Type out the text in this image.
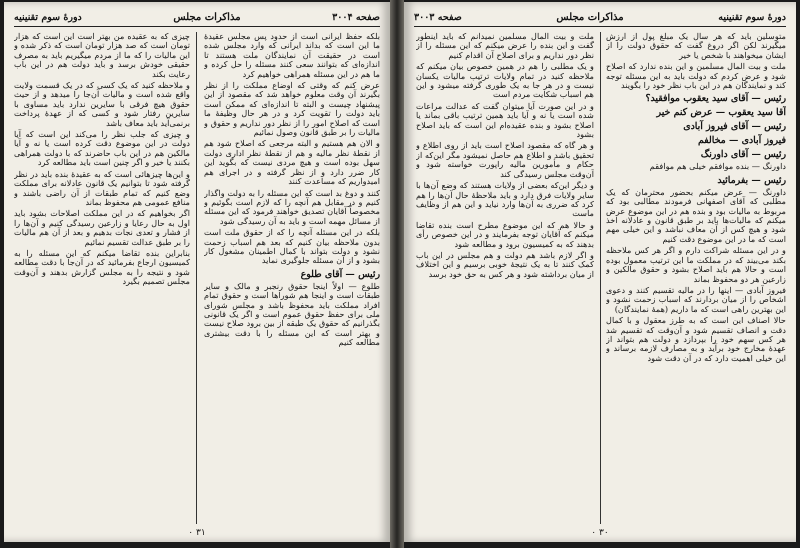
صفحه ۳۰۰۴
مذاکرات مجلس
دورهٔ سوم تقنینیه

بلکه حفظ ایرانی است از حدود پس مجلس عقیدهٔ ما این است که بداند ایرانی که وارد مجلس شده است در حقیقت آن نمایندگان ملت هستند تا اندازه‌ای که بتوانند سعی کنند مسئله را حل کرده و ما هم در این مسئله همراهی خواهیم کرد

عرض کنم که وقتی که اوضاع مملکت را از نظر بگیرند آن وقت معلوم خواهد شد که مقصود از این پیشنهاد چیست و البته تا اندازه‌ای که ممکن است باید دولت را تقویت کرد و در هر حال وظیفهٔ ما است که اصلاح امور را از نظر دور نداریم و حقوق و مالیات را بر طبق قانون وصول نمائیم

و الان هم هستیم و البته مرجعی که اصلاح شود هم از نقطهٔ نظر مالیه و هم از نقطهٔ نظر اداری دولت سهل بوده است و هیچ مردی نیست که بگوید این کار ضرر دارد و از نظر گرفته و در اجرای هم امیدواریم که مساعدت کنند

کنند و دوغ بد است که این مسئله را به دولت واگذار کنیم و در مقابل هم آنچه را که لازم است بگوئیم و مخصوصاً آقایان تصدیق خواهند فرمود که این مسئله از مسائل مهمه است و باید به آن رسیدگی شود

بلکه در این مسئله آنچه را که از حقوق ملت است بدون ملاحظه بیان کنیم که بعد هم اسباب زحمت نشود و دولت بتواند با کمال اطمینان مشغول کار بشود و از آن مسئله جلوگیری نماید

رئیس — آقای طلوع

طلوع — اولاً اینجا حقوق رنجبر و مالک و سایر طبقات است و اینجا هم شوراها است و حقوق تمام افراد مملکت باید محفوظ باشد و مجلس شورای ملی برای حفظ حقوق عموم است و اگر یک قانونی بگذرانیم که حقوق یک طبقه از بین برود صلاح نیست و بهتر است که این مسئله را با دقت بیشتری مطالعه کنیم

چیزی که به عقیده من بهتر است این است که هزار تومان است که صد هزار تومان است که ذکر شده و این مالیات را که ما از مردم میگیریم باید به مصرف حقیقی خودش برسد و باید دولت هم در این باب رعایت بکند

و ملاحظه کنید که یک کسی که در یک قسمت ولایت واقع شده است و مالیات آن‌جا را میدهد و از حیث حقوق هیچ فرقی با سایرین ندارد باید مساوی با سایرین رفتار شود و کسی که از عهدهٔ پرداخت برنمی‌آید باید معاف باشد

و چیزی که جلب نظر را می‌کند این است که آیا دولت در این موضوع دقت کرده است یا نه و آیا مالکین هم در این باب حاضرند که با دولت همراهی بکنند یا خیر و اگر چنین است باید مطالعه کرد

و این‌ها چیزهائی است که به عقیدهٔ بنده باید در نظر گرفته شود تا بتوانیم یک قانون عادلانه برای مملکت وضع کنیم که تمام طبقات از آن راضی باشند و منافع عمومی هم محفوظ بماند

اگر بخواهیم که در این مملکت اصلاحات بشود باید اول به حال رعایا و زارعین رسیدگی کنیم و آن‌ها را از فشار و تعدی نجات بدهیم و بعد از آن هم مالیات را بر طبق عدالت تقسیم نمائیم

بنابراین بنده تقاضا میکنم که این مسئله را به کمیسیون ارجاع بفرمائید که در آن‌جا با دقت مطالعه شود و نتیجه را به مجلس گزارش بدهند و آن‌وقت مجلس تصمیم بگیرد

۳۱ ۰
دورهٔ سوم تقنینیه
مذاکرات مجلس
صفحه ۳۰۰۳

متوسلین باید که هر سال یک مبلغ پول از ارزش میگیرند لکن اگر دروغ گفت که حقوق دولت را از ایشان میخواهند با شخص یا خیر

ملت و بیت المال مسلمین و این بنده ندارد که اصلاح شود و عرض کردم که دولت باید به این مسئله توجه کند و نمایندگان هم در این باب نظر خود را بگویند

رئیس — آقای سید یعقوب موافقید؟
آقا سید یعقوب — عرض کنم خیر
رئیس — آقای فیروز آبادی
فیروز آبادی — مخالفم
رئیس — آقای داورنگ

داورنگ — بنده موافقم خیلی هم موافقم

رئیس — بفرمائید

داورنگ — عرض میکنم بحضور محترمان که یک مطلبی که آقای اصفهانی فرمودند مطالبی بود که مربوط به مالیات بود و بنده هم در این موضوع عرض میکنم که مالیات‌ها باید بر طبق قانون و عادلانه اخذ شود و هیچ کس از آن معاف نباشد و این خیلی مهم است که ما در این موضوع دقت کنیم

و در این مسئله شراکت دارم و اگر هر کس ملاحظه بکند می‌بیند که در مملکت ما این ترتیب معمول بوده است و حالا هم باید اصلاح بشود و حقوق مالکین و زارعین هر دو محفوظ بماند

فیروز آبادی — اینها را در مالیه تقسیم کنند و دعوی اشخاص را از میان بردارند که اسباب زحمت نشود و این بهترین راهی است که ما داریم (همهٔ نمایندگان)

حالا اصناف این است که به طرز معقول و با کمال دقت و انصاف تقسیم شود و آن‌وقت که تقسیم شد هر کس سهم خود را بپردازد و دولت هم بتواند از عهدهٔ مخارج خود برآید و به مصارف لازمه برساند و این خیلی اهمیت دارد که در آن دقت شود

ملت و بیت المال مسلمین نمیدانم که باید اینطور گفت و این بنده را عرض میکنم که این مسئله را از نظر دور نداریم و برای اصلاح آن اقدام کنیم

و یک مطلبی را هم در همین خصوص بیان میکنم که ملاحظه کنید در تمام ولایات ترتیب مالیات یکسان نیست و در هر جا به یک طوری گرفته میشود و این هم اسباب شکایت مردم است

و در این صورت آیا میتوان گفت که عدالت مراعات شده است یا نه و آیا باید همین ترتیب باقی بماند یا اصلاح بشود و بنده عقیده‌ام این است که باید اصلاح بشود

و هر گاه که مقصود اصلاح است باید از روی اطلاع و تحقیق باشد و اطلاع هم حاصل نمیشود مگر این‌که از حکام و مأمورین مالیه راپورت خواسته شود و آن‌وقت مجلس رسیدگی کند

و دیگر این‌که بعضی از ولایات هستند که وضع آن‌ها با سایر ولایات فرق دارد و باید ملاحظهٔ حال آن‌ها را هم کرد که ضرری به آن‌ها وارد نیاید و این هم از وظایف ماست

و حالا هم که این موضوع مطرح است بنده تقاضا میکنم که آقایان توجه بفرمایند و در این خصوص رأی بدهند که به کمیسیون برود و مطالعه شود

و اگر لازم باشد هم دولت و هم مجلس در این باب کمک کنند تا به یک نتیجهٔ خوبی برسیم و این اختلاف از میان برداشته شود و هر کس به حق خود برسد

۳۰ ۰
